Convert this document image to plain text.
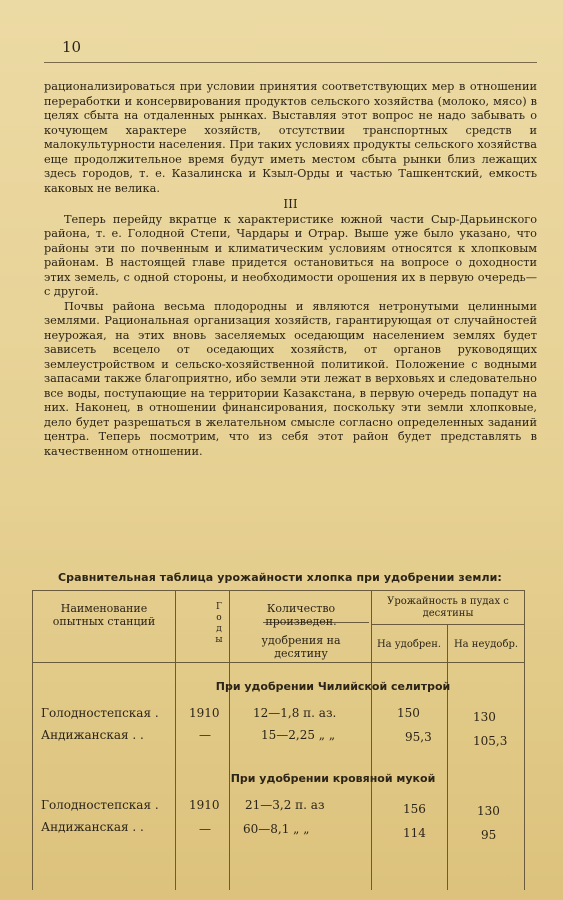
10

рационализироваться при условии принятия соответствующих мер в отношении переработки и консервирования продуктов сельского хозяйства (молоко, мясо) в целях сбыта на отдаленных рынках. Выставляя этот вопрос не надо забывать о кочующем характере хозяйств, отсутствии транспортных средств и малокультурности населения. При таких условиях продукты сельского хозяйства еще продолжительное время будут иметь местом сбыта рынки близ лежащих здесь городов, т. е. Казалинска и Кзыл-Орды и частью Ташкентский, емкость каковых не велика.

III

Теперь перейду вкратце к характеристике южной части Сыр-Дарьинского района, т. е. Голодной Степи, Чардары и Отрар. Выше уже было указано, что районы эти по почвенным и климатическим условиям относятся к хлопковым районам. В настоящей главе придется остановиться на вопросе о доходности этих земель, с одной стороны, и необходимости орошения их в первую очередь—с другой.

Почвы района весьма плодородны и являются нетронутыми целинными землями. Рациональная организация хозяйств, гарантирующая от случайностей неурожая, на этих вновь заселяемых оседающим населением землях будет зависеть всецело от оседающих хозяйств, от органов руководящих землеустройством и сельско-хозяйственной политикой. Положение с водными запасами также благоприятно, ибо земли эти лежат в верховьях и следовательно все воды, поступающие на территории Казакстана, в первую очередь попадут на них. Наконец, в отношении финансирования, поскольку эти земли хлопковые, дело будет разрешаться в желательном смысле согласно определенных заданий центра. Теперь посмотрим, что из себя этот район будет представлять в качественном отношении.

Сравнительная таблица урожайности хлопка при удобрении земли:
Наименование опытных станций
Г о д ы
Количество произведен.
удобрения на десятину
Урожайность в пудах с десятины
На удобрен.	На неудобр.
При удобрении Чилийской селитрой
Голодностепская .	1910	12—1,8 п. аз.	150	130
Андижанская . .	—	15—2,25 „ „	95,3	105,3
При удобрении кровяной мукой
Голодностепская .	1910 21—3,2 п. аз	156	130
Андижанская . .	—	60—8,1 „ „	114	95
